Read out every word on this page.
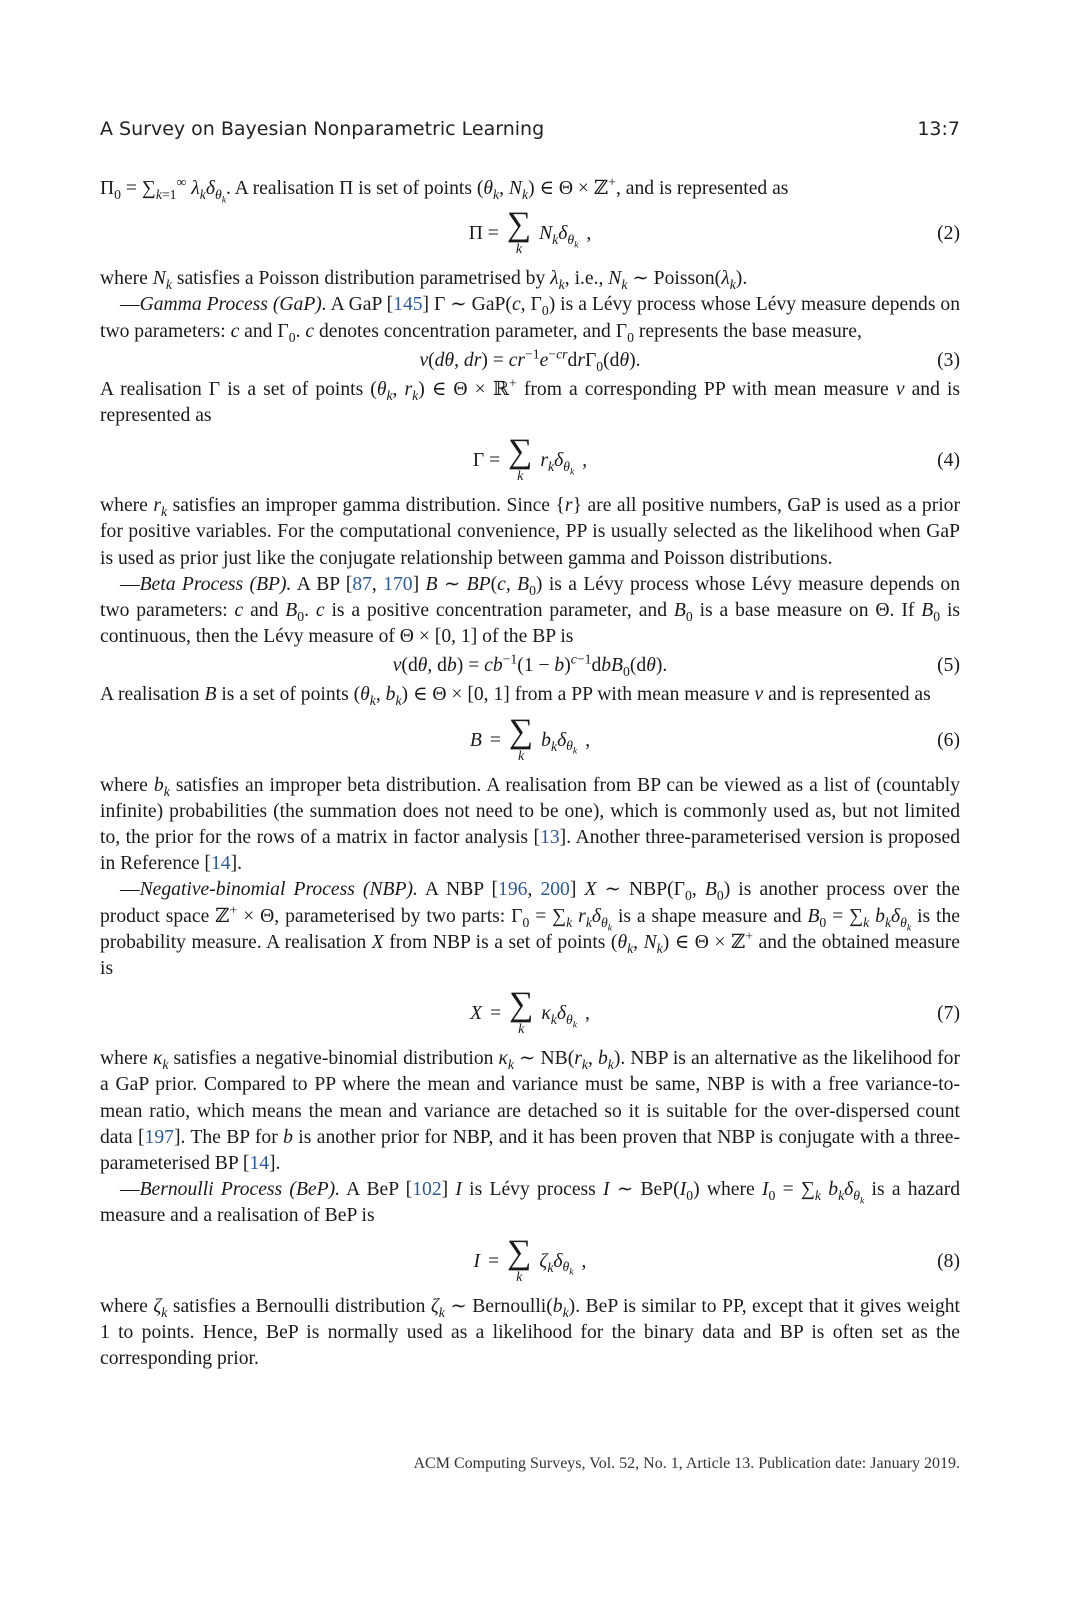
A Survey on Bayesian Nonparametric Learning	13:7

$\Pi_0 = \sum_{k=1}^\infty$ $\lambda_k\delta_{\theta_k}$. A realisation Π is set of points ($\theta_k$, $N_k$) ∈ Θ × ℤ+, and is represented as

Π = ∑
k
$N_k\delta_{\theta_k}$
,	(2)

where $N_k$ satisfies a Poisson distribution parametrised by $\lambda_k$, i.e., $N_k$ ∼ $Poisson(\lambda_k)$.

—Gamma Process (GaP). A GaP [145] Γ ∼ GaP(c, $\Gamma_0$) is a Lévy process whose Lévy measure depends on two parameters: c and $\Gamma_0$. c denotes concentration parameter, and $\Gamma_0$ represents the base measure,

ν(dθ, $dr) = cr^{-1}e^{-cr}dr\Gamma_0(d\theta)$.	(3)

A realisation Γ is a set of points ($\theta_k$, $r_k$) ∈ Θ × ℝ+ from a corresponding PP with mean measure ν and is represented as

Γ = ∑
k
$r_k\delta_{\theta_k}$
,	(4)

where $r_k$ satisfies an improper gamma distribution. Since {r} are all positive numbers, GaP is used as a prior for positive variables. For the computational convenience, PP is usually selected as the likelihood when GaP is used as prior just like the conjugate relationship between gamma and Poisson distributions.

—Beta Process (BP). A BP [87, 170] B ∼ BP(c, $B_0$) is a Lévy process whose Lévy measure depends on two parameters: c and $B_0$. c is a positive concentration parameter, and $B_0$ is a base measure on Θ. If $B_0$ is continuous, then the Lévy measure of Θ × [0, 1] of the BP is

ν(dθ, $db) = cb^{-1}(1 - b)^{c-1}dbB_0(d\theta)$.	(5)

A realisation B is a set of points ($\theta_k$, $b_k$) ∈ Θ × [0, 1] from a PP with mean measure ν and is represented as

B = ∑
k
$b_k\delta_{\theta_k}$
,	(6)

where $b_k$ satisfies an improper beta distribution. A realisation from BP can be viewed as a list of (countably infinite) probabilities (the summation does not need to be one), which is commonly used as, but not limited to, the prior for the rows of a matrix in factor analysis [13]. Another three-parameterised version is proposed in Reference [14].

—Negative-binomial Process (NBP). A NBP [196, 200] X ∼ $NBP(\Gamma_0$, $B_0$) is another process over the product space ℤ+ × Θ, parameterised by two parts: $\Gamma_0 = \sum_k$ $r_k\delta_{\theta_k}$ is a shape measure and $B_0 = \sum_k$ $b_k\delta_{\theta_k}$ is the probability measure. A realisation X from NBP is a set of points ($\theta_k$, $N_k$) ∈ Θ × ℤ+ and the obtained measure is

X = ∑
k
$\kappa_k\delta_{\theta_k}$
,	(7)

where $\kappa_k$ satisfies a negative-binomial distribution $\kappa_k$ ∼ $NB(r_k$, $b_k$). NBP is an alternative as the likelihood for a GaP prior. Compared to PP where the mean and variance must be same, NBP is with a free variance-to-mean ratio, which means the mean and variance are detached so it is suitable for the over-dispersed count data [197]. The BP for b is another prior for NBP, and it has been proven that NBP is conjugate with a three-parameterised BP [14].

—Bernoulli Process (BeP). A BeP [102] I is Lévy process I ∼ $BeP(I_0)$ where $I_0 = \sum_k$ $b_k\delta_{\theta_k}$ is a hazard measure and a realisation of BeP is

I = ∑
k
$\zeta_k\delta_{\theta_k}$
,	(8)

where $\zeta_k$ satisfies a Bernoulli distribution $\zeta_k$ ∼ $Bernoulli(b_k)$. BeP is similar to PP, except that it gives weight 1 to points. Hence, BeP is normally used as a likelihood for the binary data and BP is often set as the corresponding prior.

ACM Computing Surveys, Vol. 52, No. 1, Article 13. Publication date: January 2019.
